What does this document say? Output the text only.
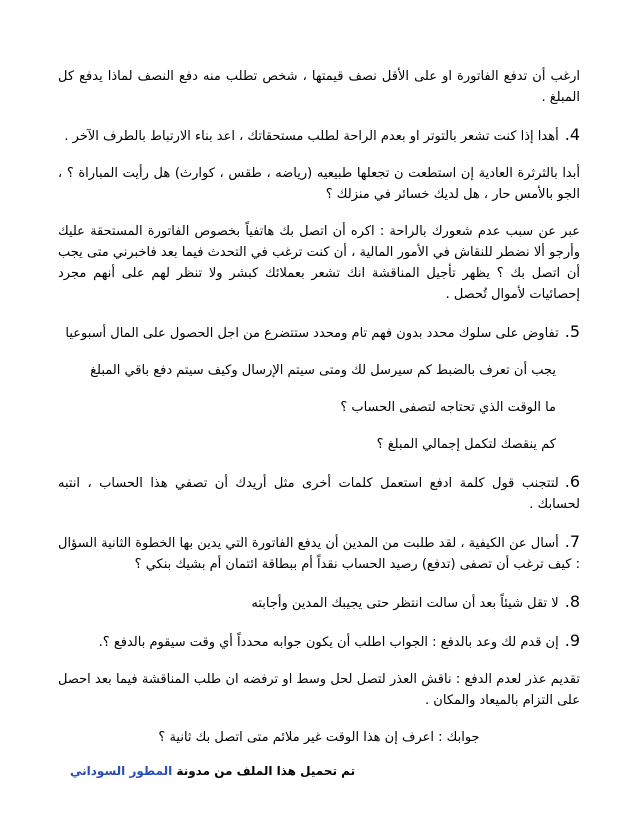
ارغب أن تدفع الفاتورة او على الأقل نصف قيمتها ، شخص تطلب منه دفع النصف لماذا يدفع كل المبلغ .

4.أهدا إذا كنت تشعر بالتوتر او بعدم الراحة لطلب مستحقاتك ، اعد بناء الارتباط بالطرف الآخر .

أبدا بالثرثرة العادية إن استطعت ن تجعلها طبيعيه (رياضه ، طقس ، كوارث) هل رأيت المباراة ؟ ، الجو بالأمس حار ، هل لديك خسائر في منزلك ؟

عبر عن سبب عدم شعورك بالراحة : اكره أن اتصل بك هاتفياً بخصوص الفاتورة المستحقة عليك وأرجو ألا نضطر للنقاش في الأمور المالية ، أن كنت ترغب في التحدث فيما بعد فاخبرني متى يجب أن اتصل بك ؟ يظهر تأجيل المناقشة انك تشعر بعملائك كبشر ولا تنظر لهم على أنهم مجرد إحصائيات لأموال تُحصل .

5.تفاوض على سلوك محدد بدون فهم تام ومحدد ستتضرع من اجل الحصول على المال أسبوعيا

يجب أن تعرف بالضبط كم سيرسل لك ومتى سيتم الإرسال وكيف سيتم دفع باقي المبلغ

ما الوقت الذي تحتاجه لتصفى الحساب ؟

كم ينقصك لتكمل إجمالي المبلغ ؟

6.لتتجنب قول كلمة ادفع استعمل كلمات أخرى مثل أريدك أن تصفي هذا الحساب ، انتبه لحسابك .

7.أسال عن الكيفية ، لقد طلبت من المدين أن يدفع الفاتورة التي يدين بها الخطوة الثانية السؤال : كيف ترغب أن تصفى (تدفع) رصيد الحساب نقداً أم ببطاقة ائتمان أم بشيك بنكي ؟

8.لا تقل شيئاً بعد أن سالت انتظر حتى يجيبك المدين وأجابته

9.إن قدم لك وعد بالدفع : الجواب اطلب أن يكون جوابه محدداً أي وقت سيقوم بالدفع ؟.

تقديم عذر لعدم الدفع : ناقش العذر لتصل لحل وسط او ترفضه ان طلب المناقشة فيما بعد احصل على التزام بالميعاد والمكان .

جوابك : اعرف إن هذا الوقت غير ملائم متى اتصل بك ثانية ؟

تم تحميل هذا الملف من مدونة المطور السوداني
